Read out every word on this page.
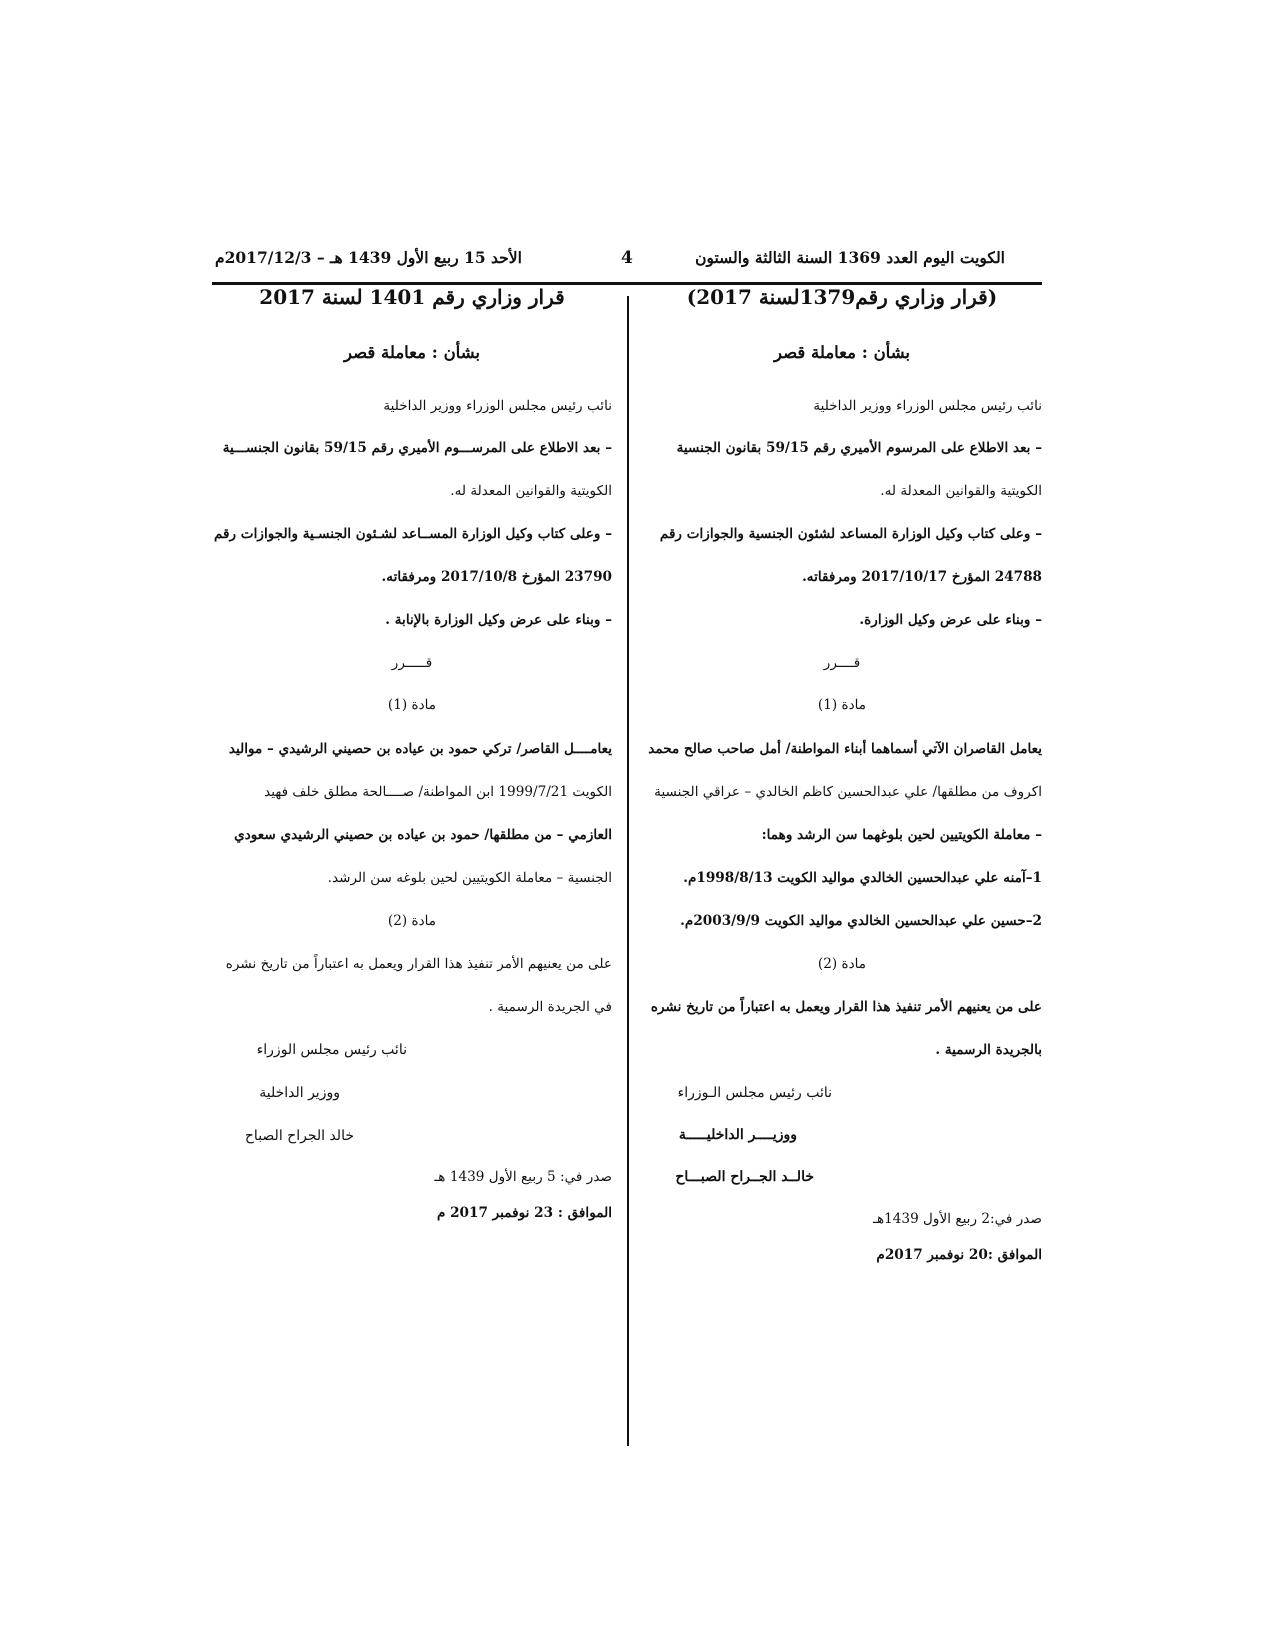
الكويت اليوم العدد 1369 السنة الثالثة والستون
4
الأحد 15 ربيع الأول 1439 هـ – 2017/12/3م
(قرار وزاري رقم1379لسنة 2017)
بشأن : معاملة قصر
نائب رئيس مجلس الوزراء ووزير الداخلية
– بعد الاطلاع على المرسوم الأميري رقم 59/15 بقانون الجنسية
الكويتية والقوانين المعدلة له.
– وعلى كتاب وكيل الوزارة المساعد لشئون الجنسية والجوازات رقم
24788 المؤرخ 2017/10/17 ومرفقاته.
– وبناء على عرض وكيل الوزارة.
قــــرر
مادة (1)
يعامل القاصران الآتي أسماهما أبناء المواطنة/ أمل صاحب صالح محمد
اكروف من مطلقها/ علي عبدالحسين كاظم الخالدي – عراقي الجنسية
– معاملة الكويتيين لحين بلوغهما سن الرشد وهما:
1–آمنه علي عبدالحسين الخالدي مواليد الكويت 1998/8/13م.
2–حسين علي عبدالحسين الخالدي مواليد الكويت 2003/9/9م.
مادة (2)
على من يعنيهم الأمر تنفيذ هذا القرار ويعمل به اعتباراً من تاريخ نشره
بالجريدة الرسمية .
نائب رئيس مجلس الـوزراء
ووزيــــر الداخليـــــة
خالــد الجــراح الصبـــاح
صدر في:2 ربيع الأول 1439هـ
الموافق :20 نوفمبر 2017م
قرار وزاري رقم 1401 لسنة 2017
بشأن : معاملة قصر
نائب رئيس مجلس الوزراء ووزير الداخلية
– بعد الاطلاع على المرســـوم الأميري رقم 59/15 بقانون الجنســـية
الكويتية والقوانين المعدلة له.
– وعلى كتاب وكيل الوزارة المســاعد لشـئون الجنسـية والجوازات رقم
23790 المؤرخ 2017/10/8 ومرفقاته.
– وبناء على عرض وكيل الوزارة بالإنابة .
قـــــرر
مادة (1)
يعامــــل القاصر/ تركي حمود بن عياده بن حصيني الرشيدي – مواليد
الكويت 1999/7/21 ابن المواطنة/ صــــالحة مطلق خلف فهيد
العازمي – من مطلقها/ حمود بن عياده بن حصيني الرشيدي سعودي
الجنسية – معاملة الكويتيين لحين بلوغه سن الرشد.
مادة (2)
على من يعنيهم الأمر تنفيذ هذا القرار ويعمل به اعتباراً من تاريخ نشره
في الجريدة الرسمية .
نائب رئيس مجلس الوزراء
ووزير الداخلية
خالد الجراح الصباح
صدر في: 5 ربيع الأول 1439 هـ
الموافق : 23 نوفمبر 2017 م
